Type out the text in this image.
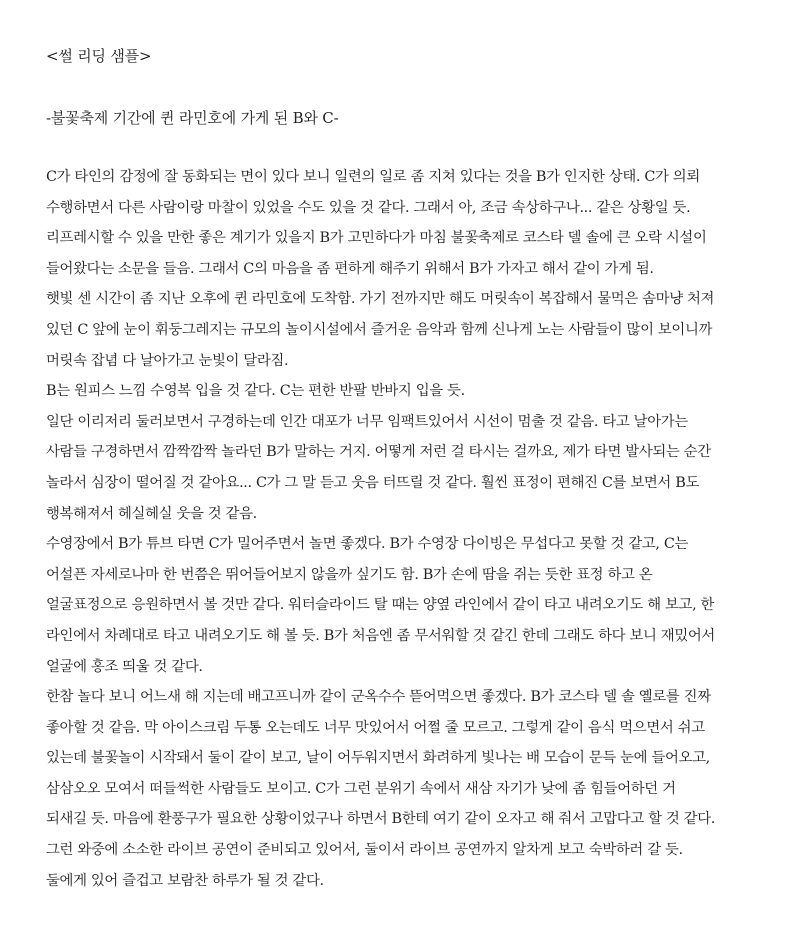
<썰 리딩 샘플>
-불꽃축제 기간에 퀸 라민호에 가게 된 B와 C-
C가 타인의 감정에 잘 동화되는 면이 있다 보니 일련의 일로 좀 지쳐 있다는 것을 B가 인지한 상태. C가 의뢰
수행하면서 다른 사람이랑 마찰이 있었을 수도 있을 것 같다. 그래서 아, 조금 속상하구나... 같은 상황일 듯.
리프레시할 수 있을 만한 좋은 계기가 있을지 B가 고민하다가 마침 불꽃축제로 코스타 델 솔에 큰 오락 시설이
들어왔다는 소문을 들음. 그래서 C의 마음을 좀 편하게 해주기 위해서 B가 가자고 해서 같이 가게 됨.
햇빛 센 시간이 좀 지난 오후에 퀸 라민호에 도착함. 가기 전까지만 해도 머릿속이 복잡해서 물먹은 솜마냥 처져
있던 C 앞에 눈이 휘둥그레지는 규모의 놀이시설에서 즐거운 음악과 함께 신나게 노는 사람들이 많이 보이니까
머릿속 잡념 다 날아가고 눈빛이 달라짐.
B는 원피스 느낌 수영복 입을 것 같다. C는 편한 반팔 반바지 입을 듯.
일단 이리저리 둘러보면서 구경하는데 인간 대포가 너무 임팩트있어서 시선이 멈출 것 같음. 타고 날아가는
사람들 구경하면서 깜짝깜짝 놀라던 B가 말하는 거지. 어떻게 저런 걸 타시는 걸까요, 제가 타면 발사되는 순간
놀라서 심장이 떨어질 것 같아요... C가 그 말 듣고 웃음 터뜨릴 것 같다. 훨씬 표정이 편해진 C를 보면서 B도
행복해져서 헤실헤실 웃을 것 같음.
수영장에서 B가 튜브 타면 C가 밀어주면서 놀면 좋겠다. B가 수영장 다이빙은 무섭다고 못할 것 같고, C는
어설픈 자세로나마 한 번쯤은 뛰어들어보지 않을까 싶기도 함. B가 손에 땀을 쥐는 듯한 표정 하고 온
얼굴표정으로 응원하면서 볼 것만 같다. 워터슬라이드 탈 때는 양옆 라인에서 같이 타고 내려오기도 해 보고, 한
라인에서 차례대로 타고 내려오기도 해 볼 듯. B가 처음엔 좀 무서워할 것 같긴 한데 그래도 하다 보니 재밌어서
얼굴에 홍조 띄울 것 같다.
한참 놀다 보니 어느새 해 지는데 배고프니까 같이 군옥수수 뜯어먹으면 좋겠다. B가 코스타 델 솔 옐로를 진짜
좋아할 것 같음. 막 아이스크림 두통 오는데도 너무 맛있어서 어쩔 줄 모르고. 그렇게 같이 음식 먹으면서 쉬고
있는데 불꽃놀이 시작돼서 둘이 같이 보고, 날이 어두워지면서 화려하게 빛나는 배 모습이 문득 눈에 들어오고,
삼삼오오 모여서 떠들썩한 사람들도 보이고. C가 그런 분위기 속에서 새삼 자기가 낮에 좀 힘들어하던 거
되새길 듯. 마음에 환풍구가 필요한 상황이었구나 하면서 B한테 여기 같이 오자고 해 줘서 고맙다고 할 것 같다.
그런 와중에 소소한 라이브 공연이 준비되고 있어서, 둘이서 라이브 공연까지 알차게 보고 숙박하러 갈 듯.
둘에게 있어 즐겁고 보람찬 하루가 될 것 같다.
